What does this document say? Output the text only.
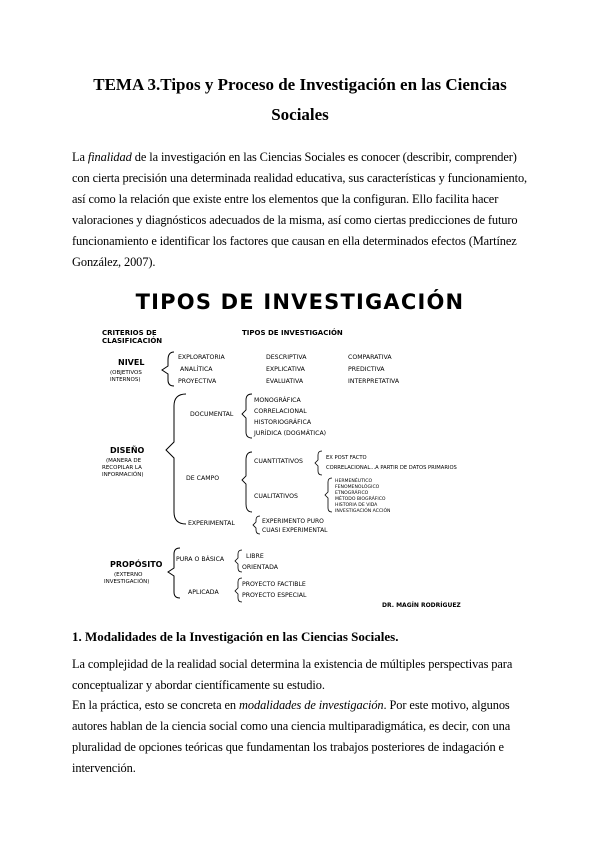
TEMA 3.Tipos y Proceso de Investigación en las Ciencias
Sociales
La finalidad de la investigación en las Ciencias Sociales es conocer (describir, comprender) con cierta precisión una determinada realidad educativa, sus características y funcionamiento, así como la relación que existe entre los elementos que la configuran. Ello facilita hacer valoraciones y diagnósticos adecuados de la misma, así como ciertas predicciones de futuro funcionamiento e identificar los factores que causan en ella determinados efectos (Martínez González, 2007).
TIPOS DE INVESTIGACIÓN
CRITERIOS DE
CLASIFICACIÓN
TIPOS DE INVESTIGACIÓN
NIVEL
(OBJETIVOS
INTERNOS)
EXPLORATORIA	DESCRIPTIVA	COMPARATIVA
ANALÍTICA	EXPLICATIVA	PREDICTIVA
PROYECTIVA	EVALUATIVA	INTERPRETATIVA
DISEÑO
(MANERA DE
RECOPILAR LA
INFORMACIÓN)
DOCUMENTAL
MONOGRÁFICA
CORRELACIONAL
HISTORIOGRÁFICA
JURÍDICA (DOGMÁTICA)
DE CAMPO
CUANTITATIVOS	EX POST FACTO
CORRELACIONAL...A PARTIR DE DATOS PRIMARIOS
CUALITATIVOS
HERMENÉUTICO
FENOMENOLÓGICO
ETNOGRÁFICO
MÉTODO BIOGRÁFICO
HISTORIA DE VIDA
INVESTIGACIÓN ACCIÓN
EXPERIMENTAL	EXPERIMENTO PURO
CUASI EXPERIMENTAL
PROPÓSITO
(EXTERNO
INVESTIGACIÓN)
PURA O BÁSICA	LIBRE
ORIENTADA
APLICADA
PROYECTO FACTIBLE
PROYECTO ESPECIAL
DR. MAGÍN RODRÍGUEZ
1. Modalidades de la Investigación en las Ciencias Sociales.
La complejidad de la realidad social determina la existencia de múltiples perspectivas para conceptualizar y abordar científicamente su estudio.
En la práctica, esto se concreta en modalidades de investigación. Por este motivo, algunos autores hablan de la ciencia social como una ciencia multiparadigmática, es decir, con una pluralidad de opciones teóricas que fundamentan los trabajos posteriores de indagación e intervención.
